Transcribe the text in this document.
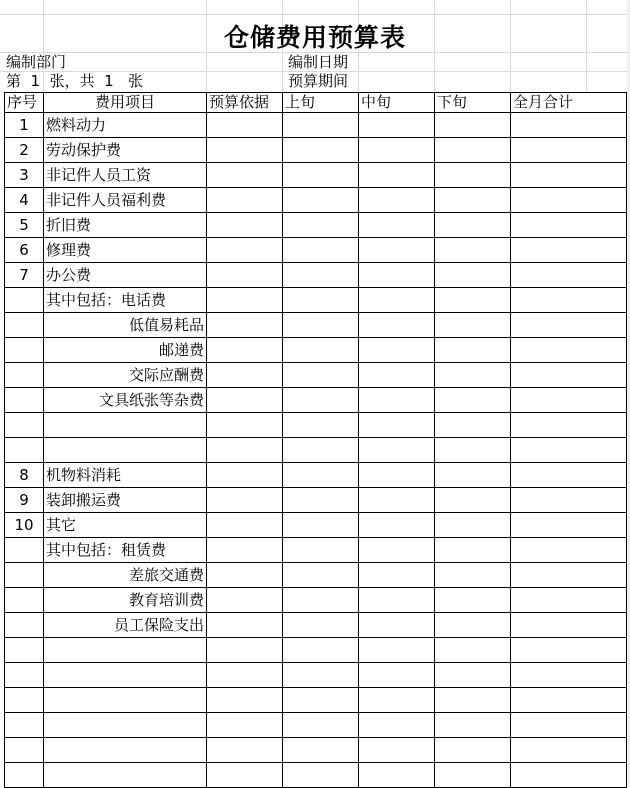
仓储费用预算表
编制部门
第  1  张，共  1   张
编制日期
预算期间
序号	费用项目	预算依据	上旬	中旬	下旬	全月合计
1	燃料动力					
2	劳动保护费					
3	非记件人员工资					
4	非记件人员福利费					
5	折旧费					
6	修理费					
7	办公费					
	其中包括：电话费					
	低值易耗品					
	邮递费					
	交际应酬费					
	文具纸张等杂费					

8	机物料消耗					
9	装卸搬运费					
10	其它					
	其中包括：租赁费					
	差旅交通费					
	教育培训费					
	员工保险支出					
